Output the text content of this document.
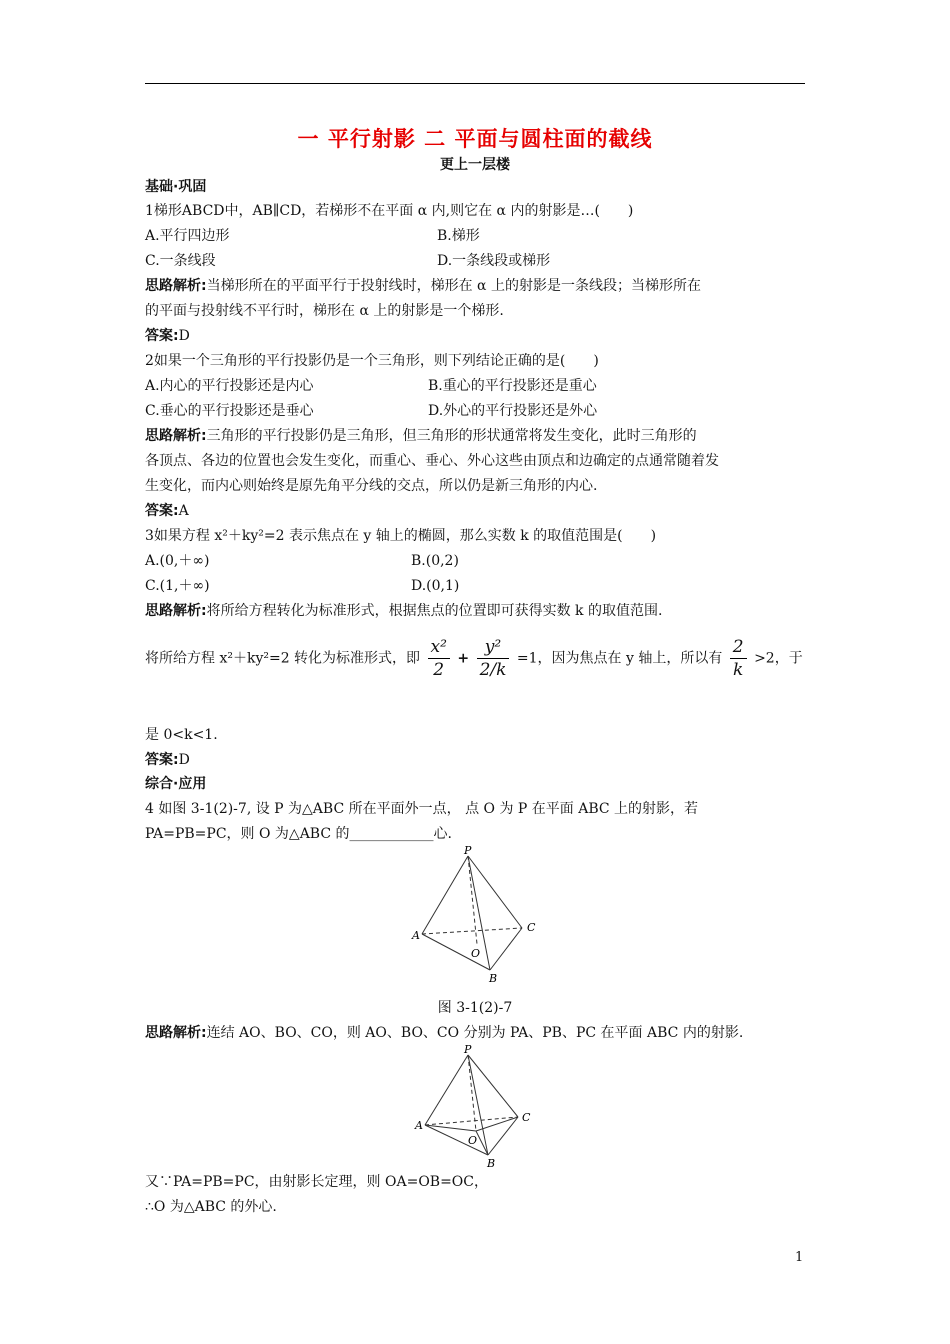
一 平行射影 二 平面与圆柱面的截线
更上一层楼
基础·巩固
1梯形ABCD中，AB∥CD，若梯形不在平面 α 内,则它在 α 内的射影是…(　　)
A.平行四边形	B.梯形
C.一条线段	D.一条线段或梯形
思路解析:当梯形所在的平面平行于投射线时，梯形在 α 上的射影是一条线段；当梯形所在
的平面与投射线不平行时，梯形在 α 上的射影是一个梯形.
答案:D
2如果一个三角形的平行投影仍是一个三角形，则下列结论正确的是(　　)
A.内心的平行投影还是内心	B.重心的平行投影还是重心
C.垂心的平行投影还是垂心	D.外心的平行投影还是外心
思路解析:三角形的平行投影仍是三角形，但三角形的形状通常将发生变化，此时三角形的
各顶点、各边的位置也会发生变化，而重心、垂心、外心这些由顶点和边确定的点通常随着发
生变化，而内心则始终是原先角平分线的交点，所以仍是新三角形的内心.
答案:A
3如果方程 x²＋ky²=2 表示焦点在 y 轴上的椭圆，那么实数 k 的取值范围是(　　)
A.(0,＋∞)	B.(0,2)
C.(1,＋∞)	D.(0,1)
思路解析:将所给方程转化为标准形式，根据焦点的位置即可获得实数 k 的取值范围.
将所给方程 x²＋ky²=2 转化为标准形式，即 $\frac{\text{x²}}{2} + \frac{\text{y²}}{2/k} =1$，因为焦点在 y 轴上，所以有 $\frac{2}{k} >2$，于
是 0<k<1.
答案:D
综合·应用
4 如图 3-1(2)-7, 设 P 为△ABC 所在平面外一点， 点 O 为 P 在平面 ABC 上的射影，若
PA=PB=PC，则 O 为△ABC 的____________心.
P
A
B
C
O
图 3-1(2)-7
思路解析:连结 AO、BO、CO，则 AO、BO、CO 分别为 PA、PB、PC 在平面 ABC 内的射影.
P
A
B
C
O
又∵PA=PB=PC，由射影长定理，则 OA=OB=OC，
∴O 为△ABC 的外心.
1
